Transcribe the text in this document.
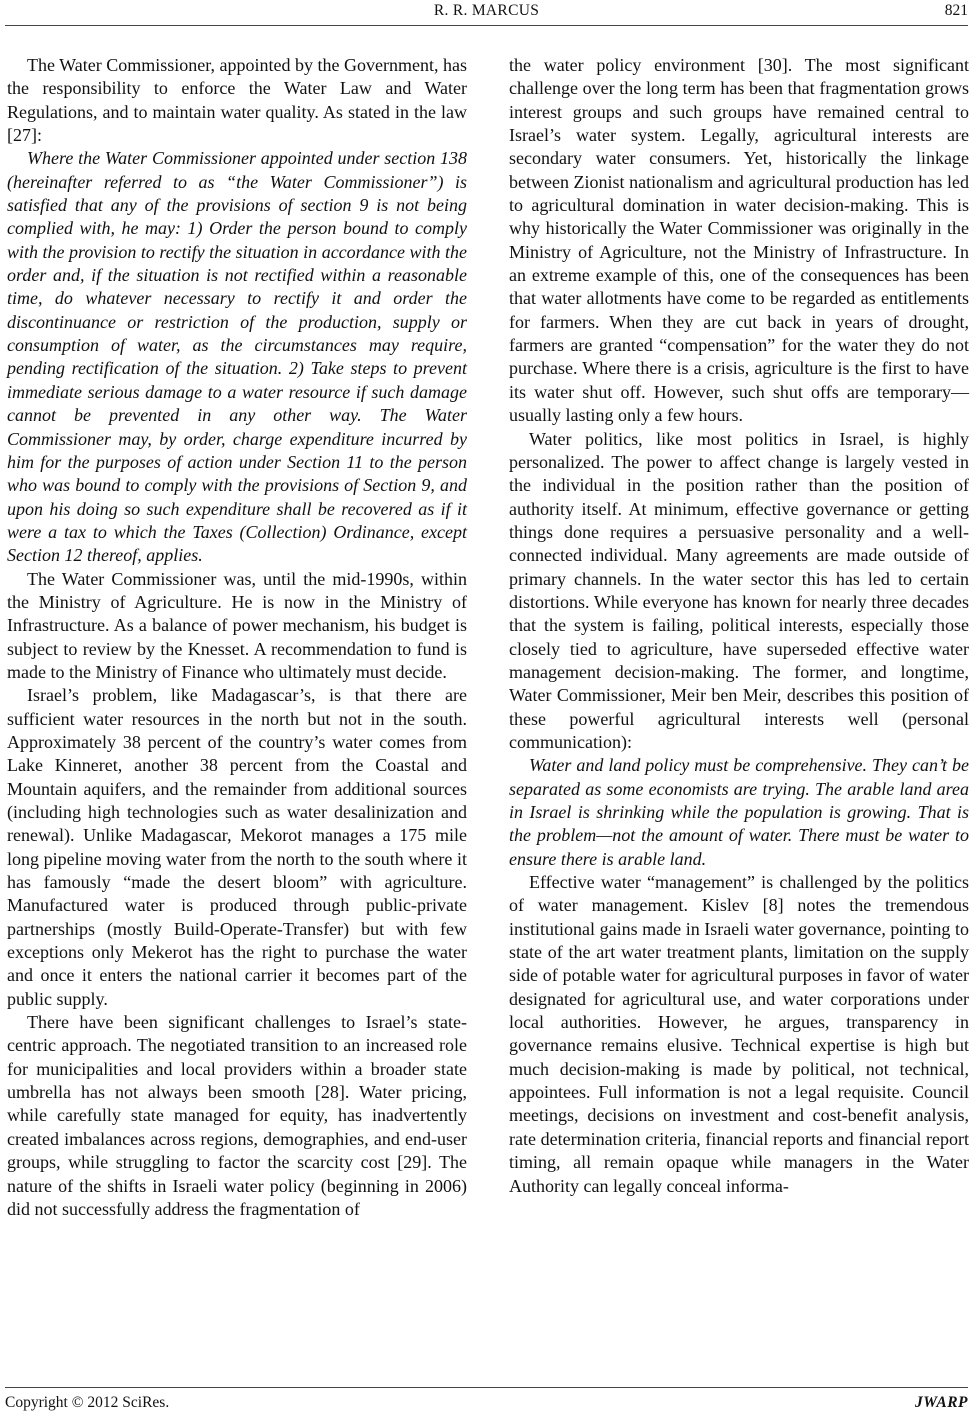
R. R. MARCUS	821

The Water Commissioner, appointed by the Government, has the responsibility to enforce the Water Law and Water Regulations, and to maintain water quality. As stated in the law [27]:

Where the Water Commissioner appointed under section 138 (hereinafter referred to as “the Water Commissioner”) is satisfied that any of the provisions of section 9 is not being complied with, he may: 1) Order the person bound to comply with the provision to rectify the situation in accordance with the order and, if the situation is not rectified within a reasonable time, do whatever necessary to rectify it and order the discontinuance or restriction of the production, supply or consumption of water, as the circumstances may require, pending rectification of the situation. 2) Take steps to prevent immediate serious damage to a water resource if such damage cannot be prevented in any other way. The Water Commissioner may, by order, charge expenditure incurred by him for the purposes of action under Section 11 to the person who was bound to comply with the provisions of Section 9, and upon his doing so such expenditure shall be recovered as if it were a tax to which the Taxes (Collection) Ordinance, except Section 12 thereof, applies.

The Water Commissioner was, until the mid-1990s, within the Ministry of Agriculture. He is now in the Ministry of Infrastructure. As a balance of power mechanism, his budget is subject to review by the Knesset. A recommendation to fund is made to the Ministry of Finance who ultimately must decide.

Israel’s problem, like Madagascar’s, is that there are sufficient water resources in the north but not in the south. Approximately 38 percent of the country’s water comes from Lake Kinneret, another 38 percent from the Coastal and Mountain aquifers, and the remainder from additional sources (including high technologies such as water desalinization and renewal). Unlike Madagascar, Mekorot manages a 175 mile long pipeline moving water from the north to the south where it has famously “made the desert bloom” with agriculture. Manufactured water is produced through public-private partnerships (mostly Build-Operate-Transfer) but with few exceptions only Mekerot has the right to purchase the water and once it enters the national carrier it becomes part of the public supply.

There have been significant challenges to Israel’s state-centric approach. The negotiated transition to an increased role for municipalities and local providers within a broader state umbrella has not always been smooth [28]. Water pricing, while carefully state managed for equity, has inadvertently created imbalances across regions, demographies, and end-user groups, while struggling to factor the scarcity cost [29]. The nature of the shifts in Israeli water policy (beginning in 2006) did not successfully address the fragmentation of

the water policy environment [30]. The most significant challenge over the long term has been that fragmentation grows interest groups and such groups have remained central to Israel’s water system. Legally, agricultural interests are secondary water consumers. Yet, historically the linkage between Zionist nationalism and agricultural production has led to agricultural domination in water decision-making. This is why historically the Water Commissioner was originally in the Ministry of Agriculture, not the Ministry of Infrastructure. In an extreme example of this, one of the consequences has been that water allotments have come to be regarded as entitlements for farmers. When they are cut back in years of drought, farmers are granted “compensation” for the water they do not purchase. Where there is a crisis, agriculture is the first to have its water shut off. However, such shut offs are temporary—usually lasting only a few hours.

Water politics, like most politics in Israel, is highly personalized. The power to affect change is largely vested in the individual in the position rather than the position of authority itself. At minimum, effective governance or getting things done requires a persuasive personality and a well-connected individual. Many agreements are made outside of primary channels. In the water sector this has led to certain distortions. While everyone has known for nearly three decades that the system is failing, political interests, especially those closely tied to agriculture, have superseded effective water management decision-making. The former, and longtime, Water Commissioner, Meir ben Meir, describes this position of these powerful agricultural interests well (personal communication):

Water and land policy must be comprehensive. They can’t be separated as some economists are trying. The arable land area in Israel is shrinking while the population is growing. That is the problem—not the amount of water. There must be water to ensure there is arable land.

Effective water “management” is challenged by the politics of water management. Kislev [8] notes the tremendous institutional gains made in Israeli water governance, pointing to state of the art water treatment plants, limitation on the supply side of potable water for agricultural purposes in favor of water designated for agricultural use, and water corporations under local authorities. However, he argues, transparency in governance remains elusive. Technical expertise is high but much decision-making is made by political, not technical, appointees. Full information is not a legal requisite. Council meetings, decisions on investment and cost-benefit analysis, rate determination criteria, financial reports and financial report timing, all remain opaque while managers in the Water Authority can legally conceal informa-

Copyright © 2012 SciRes.	JWARP
